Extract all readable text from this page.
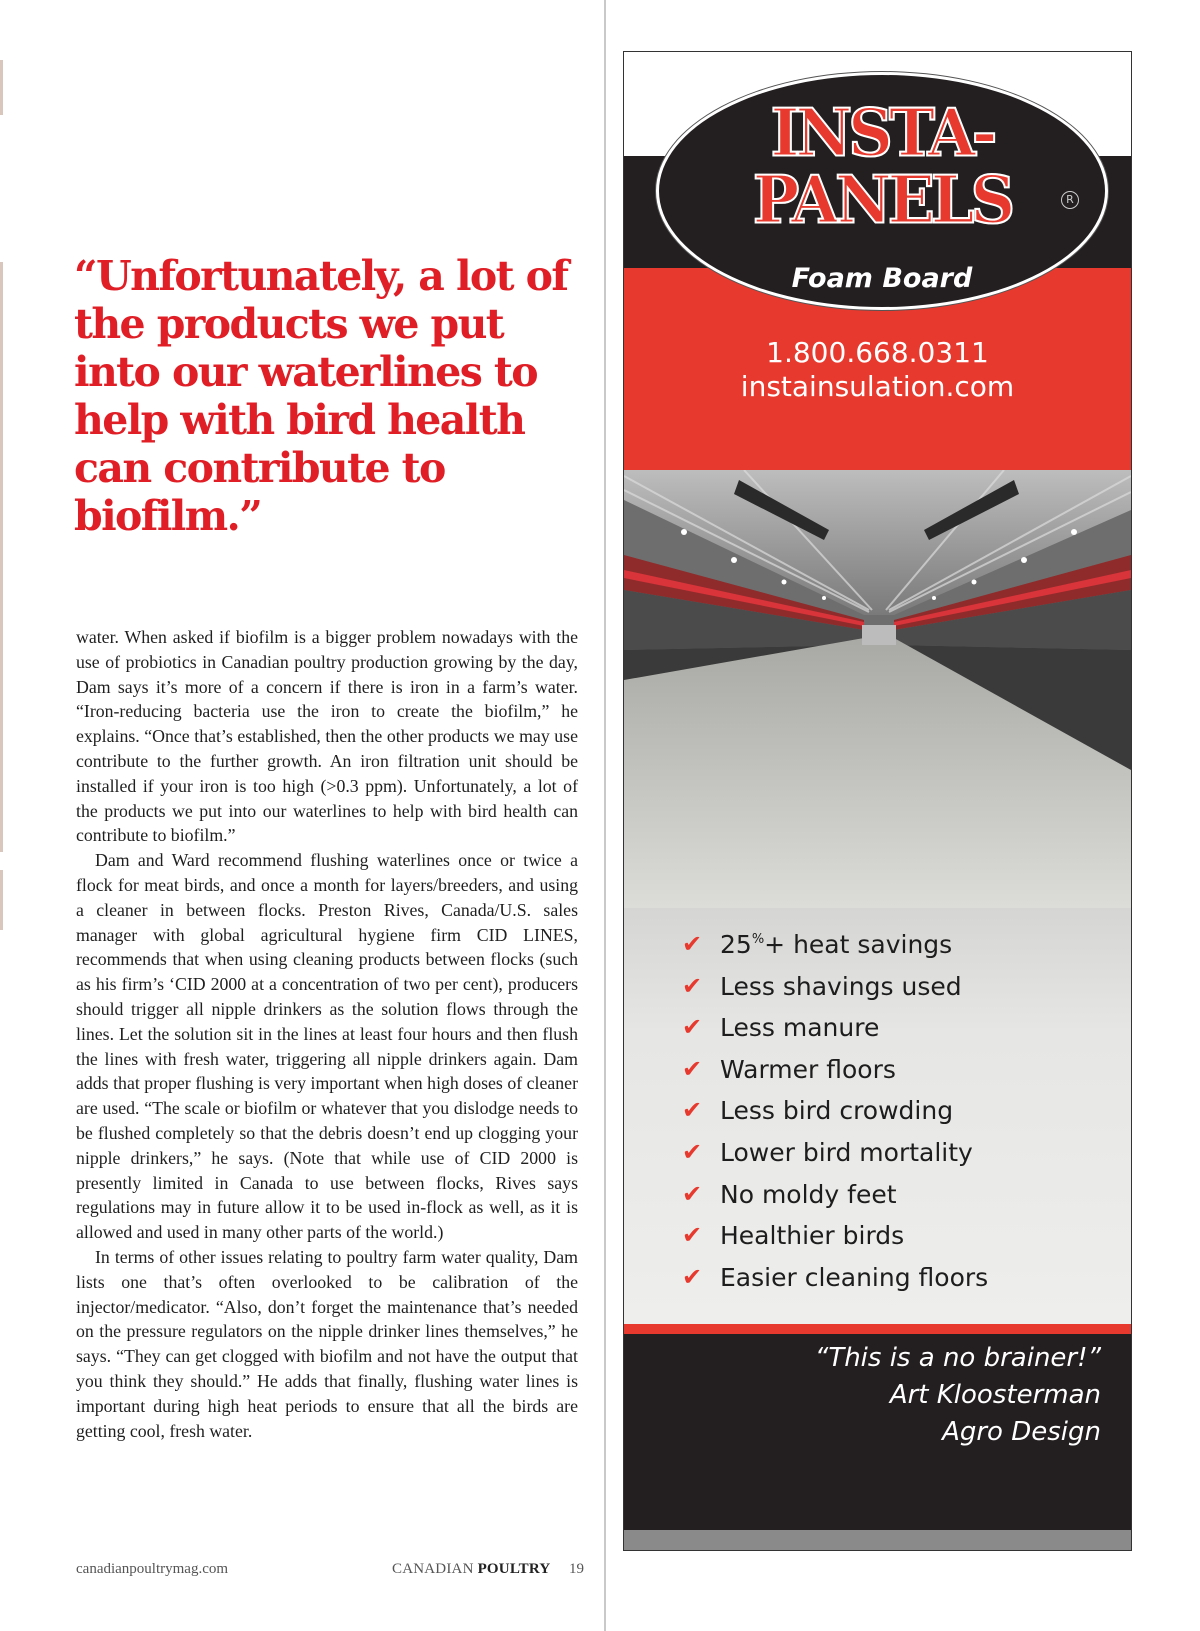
“Unfortunately, a lot of the products we put into our waterlines to help with bird health can contribute to biofilm.”

water. When asked if biofilm is a bigger problem nowadays with the use of probiotics in Canadian poultry production growing by the day, Dam says it’s more of a concern if there is iron in a farm’s water. “Iron-reducing bacteria use the iron to create the biofilm,” he explains. “Once that’s established, then the other products we may use contribute to the further growth. An iron filtration unit should be installed if your iron is too high (>0.3 ppm). Unfortunately, a lot of the products we put into our waterlines to help with bird health can contribute to biofilm.”

Dam and Ward recommend flushing waterlines once or twice a flock for meat birds, and once a month for layers/breeders, and using a cleaner in between flocks. Preston Rives, Canada/U.S. sales manager with global agricultural hygiene firm CID LINES, recommends that when using cleaning products between flocks (such as his firm’s ‘CID 2000 at a concentration of two per cent), producers should trigger all nipple drinkers as the solution flows through the lines. Let the solution sit in the lines at least four hours and then flush the lines with fresh water, triggering all nipple drinkers again. Dam adds that proper flushing is very important when high doses of cleaner are used. “The scale or biofilm or whatever that you dislodge needs to be flushed completely so that the debris doesn’t end up clogging your nipple drinkers,” he says. (Note that while use of CID 2000 is presently limited in Canada to use between flocks, Rives says regulations may in future allow it to be used in-flock as well, as it is allowed and used in many other parts of the world.)

In terms of other issues relating to poultry farm water quality, Dam lists one that’s often overlooked to be calibration of the injector/medicator. “Also, don’t forget the maintenance that’s needed on the pressure regulators on the nipple drinker lines themselves,” he says. “They can get clogged with biofilm and not have the output that you think they should.” He adds that finally, flushing water lines is important during high heat periods to ensure that all the birds are getting cool, fresh water.

canadianpoultrymag.com	CANADIAN POULTRY 19
INSTA-
PANELS	R

Foam Board

1.800.668.0311

instainsulation.com

✔ 25%+ heat savings
✔ Less shavings used
✔ Less manure
✔ Warmer floors
✔ Less bird crowding
✔ Lower bird mortality
✔ No moldy feet
✔ Healthier birds
✔ Easier cleaning floors

“This is a no brainer!”
Art Kloosterman
Agro Design
